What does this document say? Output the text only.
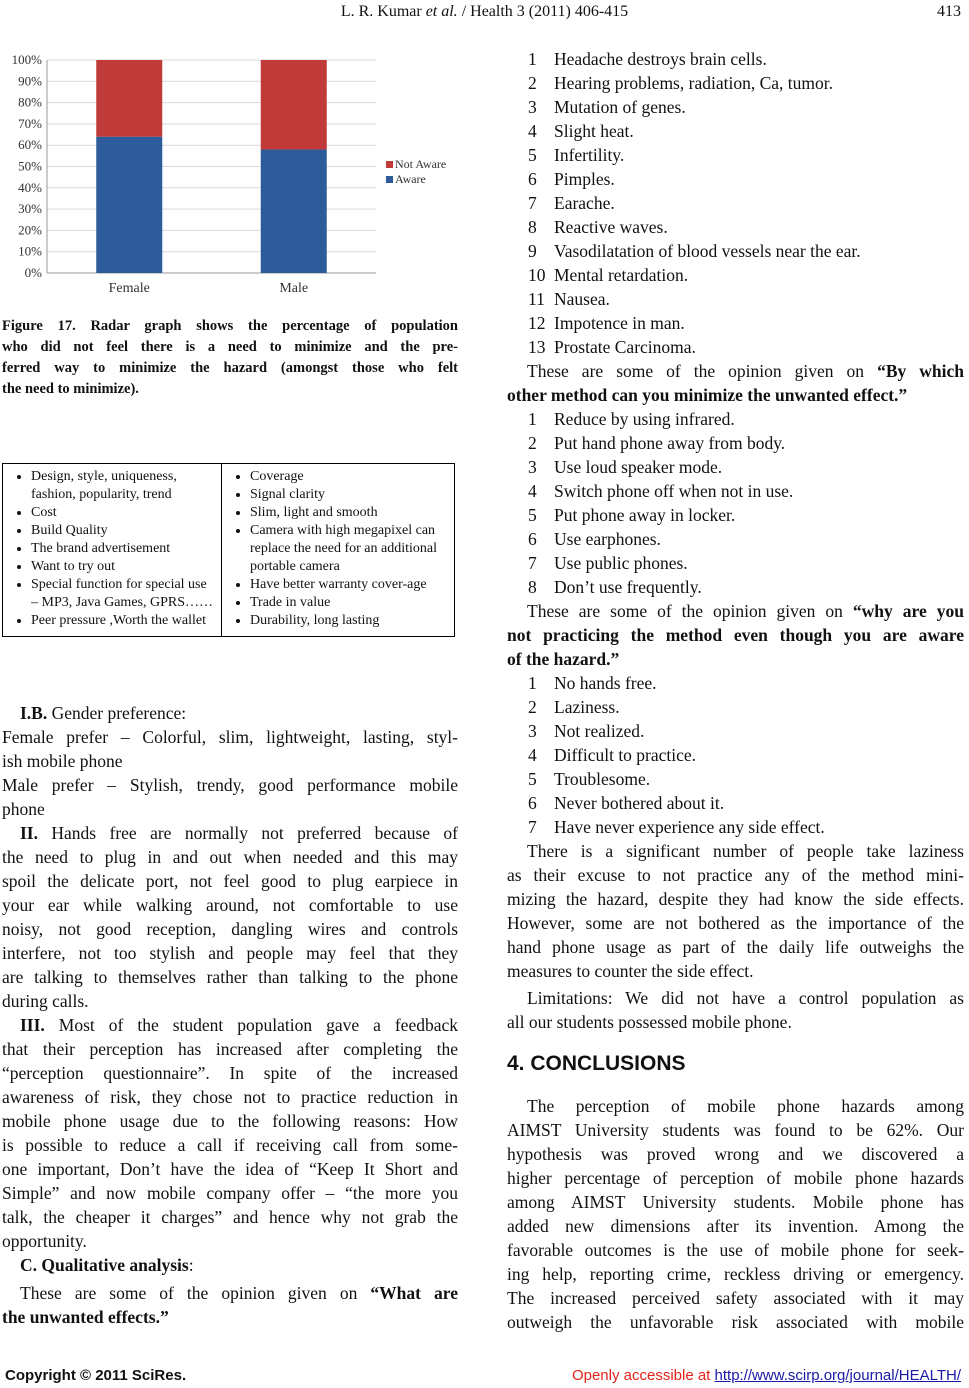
L. R. Kumar et al. / Health 3 (2011) 406-415	413
0%
10%
20%
30%
40%
50%
60%
70%
80%
90%
100%
Female	Male
Not Aware
Aware
Figure 17. Radar graph shows the percentage of population
who did not feel there is a need to minimize and the pre-
ferred way to minimize the hazard (amongst those who felt
the need to minimize).
• Design, style, uniqueness, fashion, popularity, trend
• Cost
• Build Quality
• The brand advertisement
• Want to try out
• Special function for special use – MP3, Java Games, GPRS……
• Peer pressure ,Worth the wallet

• Coverage
• Signal clarity
• Slim, light and smooth
• Camera with high megapixel can replace the need for an additional portable camera
• Have better warranty cover-age
• Trade in value
• Durability, long lasting
I.B. Gender preference:
Female prefer – Colorful, slim, lightweight, lasting, styl-
ish mobile phone
Male prefer – Stylish, trendy, good performance mobile
phone
II. Hands free are normally not preferred because of
the need to plug in and out when needed and this may
spoil the delicate port, not feel good to plug earpiece in
your ear while walking around, not comfortable to use
noisy, not good reception, dangling wires and controls
interfere, not too stylish and people may feel that they
are talking to themselves rather than talking to the phone
during calls.
III. Most of the student population gave a feedback
that their perception has increased after completing the
“perception questionnaire”. In spite of the increased
awareness of risk, they chose not to practice reduction in
mobile phone usage due to the following reasons: How
is possible to reduce a call if receiving call from some-
one important, Don’t have the idea of “Keep It Short and
Simple” and now mobile company offer – “the more you
talk, the cheaper it charges” and hence why not grab the
opportunity.
C. Qualitative analysis:
These are some of the opinion given on “What are
the unwanted effects.”
1 Headache destroys brain cells.
2 Hearing problems, radiation, Ca, tumor.
3 Mutation of genes.
4 Slight heat.
5 Infertility.
6 Pimples.
7 Earache.
8 Reactive waves.
9 Vasodilatation of blood vessels near the ear.
10 Mental retardation.
11 Nausea.
12 Impotence in man.
13 Prostate Carcinoma.
These are some of the opinion given on “By which
other method can you minimize the unwanted effect.”
1 Reduce by using infrared.
2 Put hand phone away from body.
3 Use loud speaker mode.
4 Switch phone off when not in use.
5 Put phone away in locker.
6 Use earphones.
7 Use public phones.
8 Don’t use frequently.
These are some of the opinion given on “why are you
not practicing the method even though you are aware
of the hazard.”
1 No hands free.
2 Laziness.
3 Not realized.
4 Difficult to practice.
5 Troublesome.
6 Never bothered about it.
7 Have never experience any side effect.
There is a significant number of people take laziness
as their excuse to not practice any of the method mini-
mizing the hazard, despite they had know the side effects.
However, some are not bothered as the importance of the
hand phone usage as part of the daily life outweighs the
measures to counter the side effect.
Limitations: We did not have a control population as
all our students possessed mobile phone.
4. CONCLUSIONS
The perception of mobile phone hazards among
AIMST University students was found to be 62%. Our
hypothesis was proved wrong and we discovered a
higher percentage of perception of mobile phone hazards
among AIMST University students. Mobile phone has
added new dimensions after its invention. Among the
favorable outcomes is the use of mobile phone for seek-
ing help, reporting crime, reckless driving or emergency.
The increased perceived safety associated with it may
outweigh the unfavorable risk associated with mobile
Copyright © 2011 SciRes.	Openly accessible at http://www.scirp.org/journal/HEALTH/
